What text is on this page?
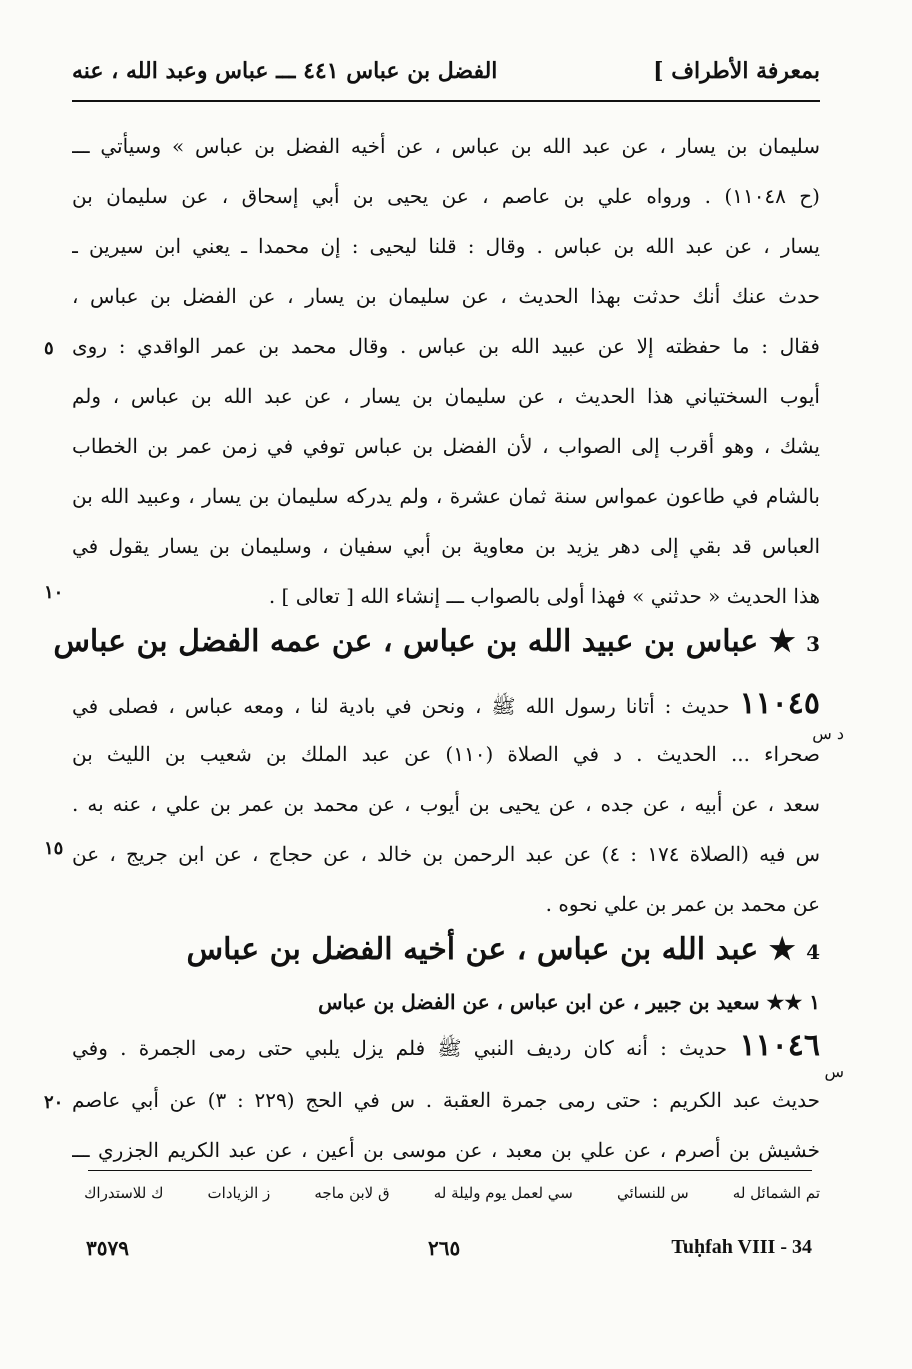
بمعرفة الأطراف ]
الفضل بن عباس ٤٤١ ـــ عباس وعبد الله ، عنه
سليمان بن يسار ، عن عبد الله بن عباس ، عن أخيه الفضل بن عباس » وسيأتي ـــ
(ح ١١٠٤٨) . ورواه علي بن عاصم ، عن يحيى بن أبي إسحاق ، عن سليمان بن
يسار ، عن عبد الله بن عباس . وقال : قلنا ليحيى : إن محمدا ـ يعني ابن سيرين ـ
حدث عنك أنك حدثت بهذا الحديث ، عن سليمان بن يسار ، عن الفضل بن عباس ،
فقال : ما حفظته إلا عن عبيد الله بن عباس . وقال محمد بن عمر الواقدي : روى
أيوب السختياني هذا الحديث ، عن سليمان بن يسار ، عن عبد الله بن عباس ، ولم
يشك ، وهو أقرب إلى الصواب ، لأن الفضل بن عباس توفي في زمن عمر بن الخطاب
بالشام في طاعون عمواس سنة ثمان عشرة ، ولم يدركه سليمان بن يسار ، وعبيد الله بن
العباس قد بقي إلى دهر يزيد بن معاوية بن أبي سفيان ، وسليمان بن يسار يقول في
هذا الحديث « حدثني » فهذا أولى بالصواب ـــ إنشاء الله [ تعالى ] .
3 ★ عباس بن عبيد الله بن عباس ، عن عمه الفضل بن عباس
١١٠٤٥ حديث : أتانا رسول الله ﷺ ، ونحن في بادية لنا ، ومعه عباس ، فصلى في
صحراء ... الحديث . د في الصلاة (١١٠) عن عبد الملك بن شعيب بن الليث بن
سعد ، عن أبيه ، عن جده ، عن يحيى بن أيوب ، عن محمد بن عمر بن علي ، عنه به .
س فيه (الصلاة ١٧٤ : ٤) عن عبد الرحمن بن خالد ، عن حجاج ، عن ابن جريج ، عن
عن محمد بن عمر بن علي نحوه .
4 ★ عبد الله بن عباس ، عن أخيه الفضل بن عباس
١ ★★ سعيد بن جبير ، عن ابن عباس ، عن الفضل بن عباس
١١٠٤٦ حديث : أنه كان رديف النبي ﷺ فلم يزل يلبي حتى رمى الجمرة . وفي
حديث عبد الكريم : حتى رمى جمرة العقبة . س في الحج (٢٢٩ : ٣) عن أبي عاصم
خشيش بن أصرم ، عن علي بن معبد ، عن موسى بن أعين ، عن عبد الكريم الجزري ـــ
د س
س
٥
١٠
١٥
٢٠
تم الشمائل له
س للنسائي
سي لعمل يوم وليلة له
ق لابن ماجه
ز الزيادات
ك للاستدراك
٣٥٧٩	٢٦٥	Tuḥfah VIII - 34
